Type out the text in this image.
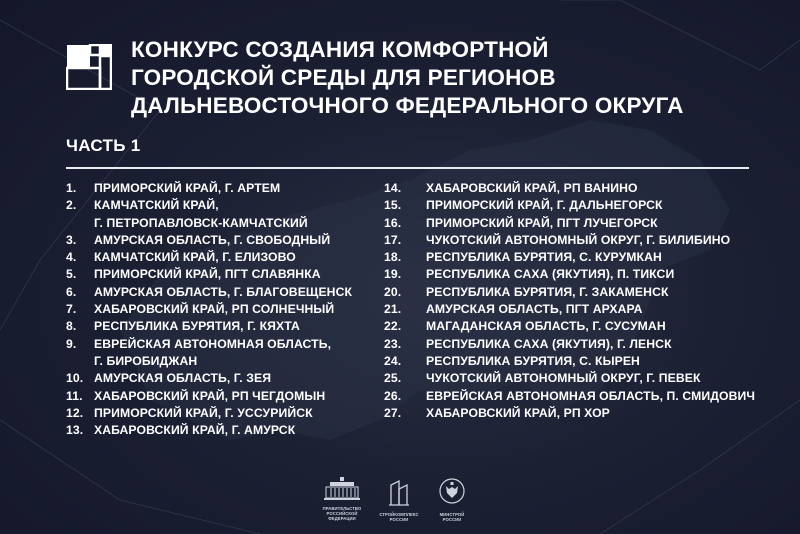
КОНКУРС СОЗДАНИЯ КОМФОРТНОЙ
ГОРОДСКОЙ СРЕДЫ ДЛЯ РЕГИОНОВ
ДАЛЬНЕВОСТОЧНОГО ФЕДЕРАЛЬНОГО ОКРУГА
ЧАСТЬ 1
1.	ПРИМОРСКИЙ КРАЙ, Г. АРТЕМ
2.	КАМЧАТСКИЙ КРАЙ,
Г. ПЕТРОПАВЛОВСК-КАМЧАТСКИЙ
3.	АМУРСКАЯ ОБЛАСТЬ, Г. СВОБОДНЫЙ
4.	КАМЧАТСКИЙ КРАЙ, Г. ЕЛИЗОВО
5.	ПРИМОРСКИЙ КРАЙ, ПГТ СЛАВЯНКА
6.	АМУРСКАЯ ОБЛАСТЬ, Г. БЛАГОВЕЩЕНСК
7.	ХАБАРОВСКИЙ КРАЙ, РП СОЛНЕЧНЫЙ
8.	РЕСПУБЛИКА БУРЯТИЯ, Г. КЯХТА
9.	ЕВРЕЙСКАЯ АВТОНОМНАЯ ОБЛАСТЬ,
Г. БИРОБИДЖАН
10. АМУРСКАЯ ОБЛАСТЬ, Г. ЗЕЯ
11. ХАБАРОВСКИЙ КРАЙ, РП ЧЕГДОМЫН
12. ПРИМОРСКИЙ КРАЙ, Г. УССУРИЙСК
13. ХАБАРОВСКИЙ КРАЙ, Г. АМУРСК
14.	ХАБАРОВСКИЙ КРАЙ, РП ВАНИНО
15.	ПРИМОРСКИЙ КРАЙ, Г. ДАЛЬНЕГОРСК
16.	ПРИМОРСКИЙ КРАЙ, ПГТ ЛУЧЕГОРСК
17.	ЧУКОТСКИЙ АВТОНОМНЫЙ ОКРУГ, Г. БИЛИБИНО
18.	РЕСПУБЛИКА БУРЯТИЯ, С. КУРУМКАН
19.	РЕСПУБЛИКА САХА (ЯКУТИЯ), П. ТИКСИ
20.	РЕСПУБЛИКА БУРЯТИЯ, Г. ЗАКАМЕНСК
21.	АМУРСКАЯ ОБЛАСТЬ, ПГТ АРХАРА
22.	МАГАДАНСКАЯ ОБЛАСТЬ, Г. СУСУМАН
23.	РЕСПУБЛИКА САХА (ЯКУТИЯ), Г. ЛЕНСК
24.	РЕСПУБЛИКА БУРЯТИЯ, С. КЫРЕН
25.	ЧУКОТСКИЙ АВТОНОМНЫЙ ОКРУГ, Г. ПЕВЕК
26.	ЕВРЕЙСКАЯ АВТОНОМНАЯ ОБЛАСТЬ, П. СМИДОВИЧ
27.	ХАБАРОВСКИЙ КРАЙ, РП ХОР
ПРАВИТЕЛЬСТВО
РОССИЙСКОЙ
ФЕДЕРАЦИИ
СТРОЙКОМПЛЕКС
РОССИИ
МИНСТРОЙ
РОССИИ
